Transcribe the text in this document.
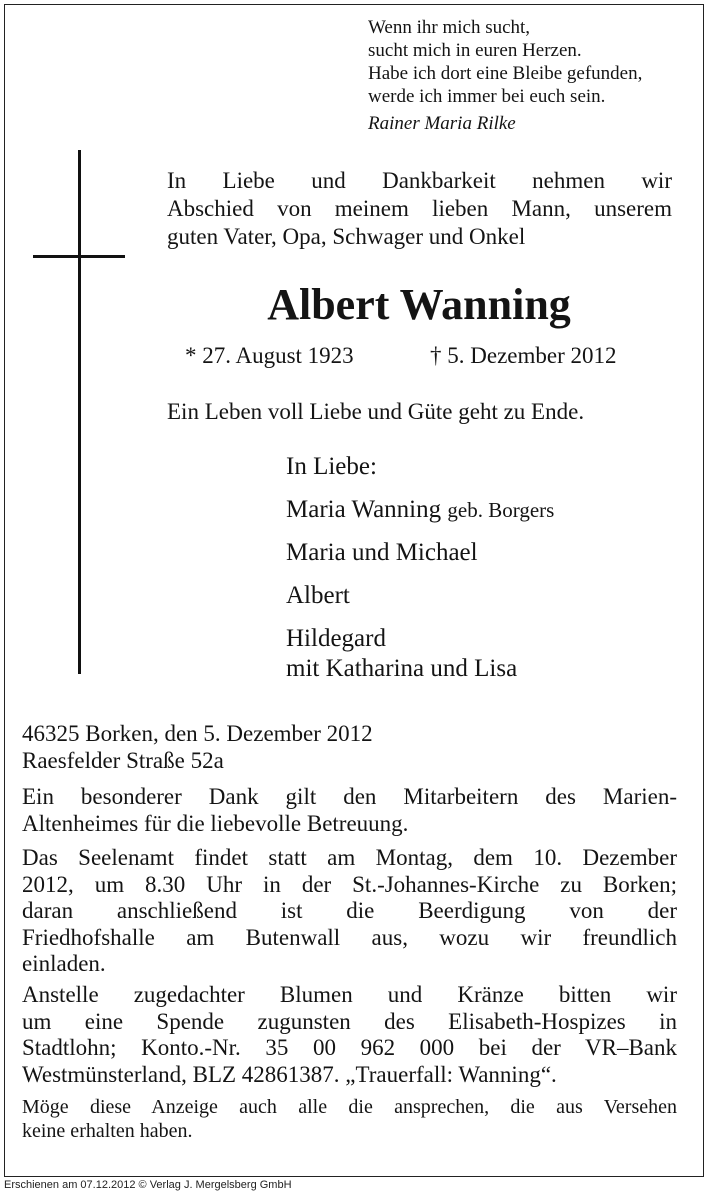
Wenn ihr mich sucht,
sucht mich in euren Herzen.
Habe ich dort eine Bleibe gefunden,
werde ich immer bei euch sein.
Rainer Maria Rilke
In Liebe und Dankbarkeit nehmen wir
Abschied von meinem lieben Mann, unserem
guten Vater, Opa, Schwager und Onkel
Albert Wanning
* 27. August 1923	† 5. Dezember 2012
Ein Leben voll Liebe und Güte geht zu Ende.
In Liebe:
Maria Wanning geb. Borgers
Maria und Michael
Albert
Hildegard
mit Katharina und Lisa
46325 Borken, den 5. Dezember 2012
Raesfelder Straße 52a
Ein besonderer Dank gilt den Mitarbeitern des Marien-
Altenheimes für die liebevolle Betreuung.
Das Seelenamt findet statt am Montag, dem 10. Dezember
2012, um 8.30 Uhr in der St.-Johannes-Kirche zu Borken;
daran anschließend ist die Beerdigung von der
Friedhofshalle am Butenwall aus, wozu wir freundlich
einladen.
Anstelle zugedachter Blumen und Kränze bitten wir
um eine Spende zugunsten des Elisabeth-Hospizes in
Stadtlohn; Konto.-Nr. 35 00 962 000 bei der VR–Bank
Westmünsterland, BLZ 42861387. „Trauerfall: Wanning“.
Möge diese Anzeige auch alle die ansprechen, die aus Versehen
keine erhalten haben.
Erschienen am 07.12.2012 © Verlag J. Mergelsberg GmbH
